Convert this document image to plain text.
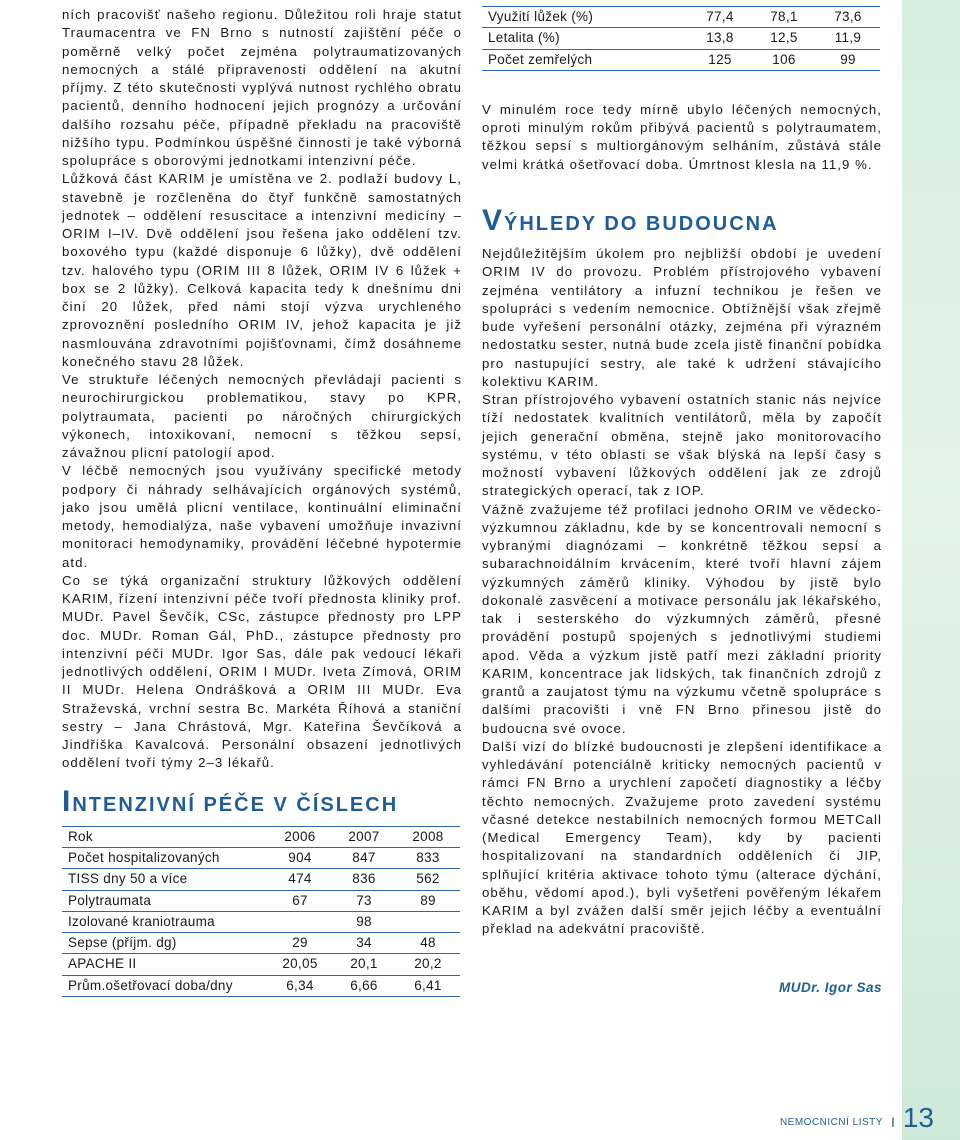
ních pracovišť našeho regionu. Důležitou roli hraje statut Traumacentra ve FN Brno s nutností zajištění péče o poměrně velký počet zejména polytraumatizovaných nemocných a stálé připravenosti oddělení na akutní příjmy. Z této skutečnosti vyplývá nutnost rychlého obratu pacientů, denního hodnocení jejich prognózy a určování dalšího rozsahu péče, případně překladu na pracoviště nižšího typu. Podmínkou úspěšné činnosti je také výborná spolupráce s oborovými jednotkami intenzivní péče.

Lůžková část KARIM je umístěna ve 2. podlaží budovy L, stavebně je rozčleněna do čtyř funkčně samostatných jednotek – oddělení resuscitace a intenzivní medicíny – ORIM I–IV. Dvě oddělení jsou řešena jako oddělení tzv. boxového typu (každé disponuje 6 lůžky), dvě oddělení tzv. halového typu (ORIM III 8 lůžek, ORIM IV 6 lůžek + box se 2 lůžky). Celková kapacita tedy k dnešnímu dni činí 20 lůžek, před námi stojí výzva urychleného zprovoznění posledního ORIM IV, jehož kapacita je již nasmlouvána zdravotními pojišťovnami, čímž dosáhneme konečného stavu 28 lůžek.

Ve struktuře léčených nemocných převládají pacienti s neurochirurgickou problematikou, stavy po KPR, polytraumata, pacienti po náročných chirurgických výkonech, intoxikovaní, nemocní s těžkou sepsí, závažnou plicní patologií apod.

V léčbě nemocných jsou využívány specifické metody podpory či náhrady selhávajících orgánových systémů, jako jsou umělá plicní ventilace, kontinuální eliminační metody, hemodialýza, naše vybavení umožňuje invazivní monitoraci hemodynamiky, provádění léčebné hypotermie atd.

Co se týká organizační struktury lůžkových oddělení KARIM, řízení intenzivní péče tvoří přednosta kliniky prof. MUDr. Pavel Ševčík, CSc, zástupce přednosty pro LPP doc. MUDr. Roman Gál, PhD., zástupce přednosty pro intenzivní péči MUDr. Igor Sas, dále pak vedoucí lékaři jednotlivých oddělení, ORIM I MUDr. Iveta Zímová, ORIM II MUDr. Helena Ondrášková a ORIM III MUDr. Eva Straževská, vrchní sestra Bc. Markéta Říhová a staniční sestry – Jana Chrástová, Mgr. Kateřina Ševčíková a Jindřiška Kavalcová. Personální obsazení jednotlivých oddělení tvoří týmy 2–3 lékařů.

INTENZIVNÍ PÉČE V ČÍSLECH
Rok	2006	2007	2008
Počet hospitalizovaných	904	847	833
TISS dny 50 a více	474	836	562
Polytraumata	67	73	89
Izolované kraniotrauma		98	
Sepse (příjm. dg)	29	34	48
APACHE II	20,05	20,1	20,2
Prům.ošetřovací doba/dny	6,34	6,66	6,41
Využití lůžek (%)	77,4	78,1	73,6
Letalita (%)	13,8	12,5	11,9
Počet zemřelých	125	106	99

V minulém roce tedy mírně ubylo léčených nemocných, oproti minulým rokům přibývá pacientů s polytraumatem, těžkou sepsí s multiorgánovým selháním, zůstává stále velmi krátká ošetřovací doba. Úmrtnost klesla na 11,9 %.

VÝHLEDY DO BUDOUCNA

Nejdůležitějším úkolem pro nejbližší období je uvedení ORIM IV do provozu. Problém přístrojového vybavení zejména ventilátory a infuzní technikou je řešen ve spolupráci s vedením nemocnice. Obtížnější však zřejmě bude vyřešení personální otázky, zejména při výrazném nedostatku sester, nutná bude zcela jistě finanční pobídka pro nastupující sestry, ale také k udržení stávajícího kolektivu KARIM.

Stran přístrojového vybavení ostatních stanic nás nejvíce tíží nedostatek kvalitních ventilátorů, měla by započít jejich generační obměna, stejně jako monitorovacího systému, v této oblasti se však blýská na lepší časy s možností vybavení lůžkových oddělení jak ze zdrojů strategických operací, tak z IOP.

Vážně zvažujeme též profilaci jednoho ORIM ve vědecko-výzkumnou základnu, kde by se koncentrovali nemocní s vybranými diagnózami – konkrétně těžkou sepsí a subarachnoidálním krvácením, které tvoří hlavní zájem výzkumných záměrů kliniky. Výhodou by jistě bylo dokonalé zasvěcení a motivace personálu jak lékařského, tak i sesterského do výzkumných záměrů, přesné provádění postupů spojených s jednotlivými studiemi apod. Věda a výzkum jistě patří mezi základní priority KARIM, koncentrace jak lidských, tak finančních zdrojů z grantů a zaujatost týmu na výzkumu včetně spolupráce s dalšími pracovišti i vně FN Brno přinesou jistě do budoucna své ovoce.

Další vizí do blízké budoucnosti je zlepšení identifikace a vyhledávání potenciálně kriticky nemocných pacientů v rámci FN Brno a urychlení započetí diagnostiky a léčby těchto nemocných. Zvažujeme proto zavedení systému včasné detekce nestabilních nemocných formou METCall (Medical Emergency Team), kdy by pacienti hospitalizovaní na standardních odděleních či JIP, splňující kritéria aktivace tohoto týmu (alterace dýchání, oběhu, vědomí apod.), byli vyšetřeni pověřeným lékařem KARIM a byl zvážen další směr jejich léčby a eventuální překlad na adekvátní pracoviště.

MUDr. Igor Sas
NEMOCNICNÍ LISTY I 13
